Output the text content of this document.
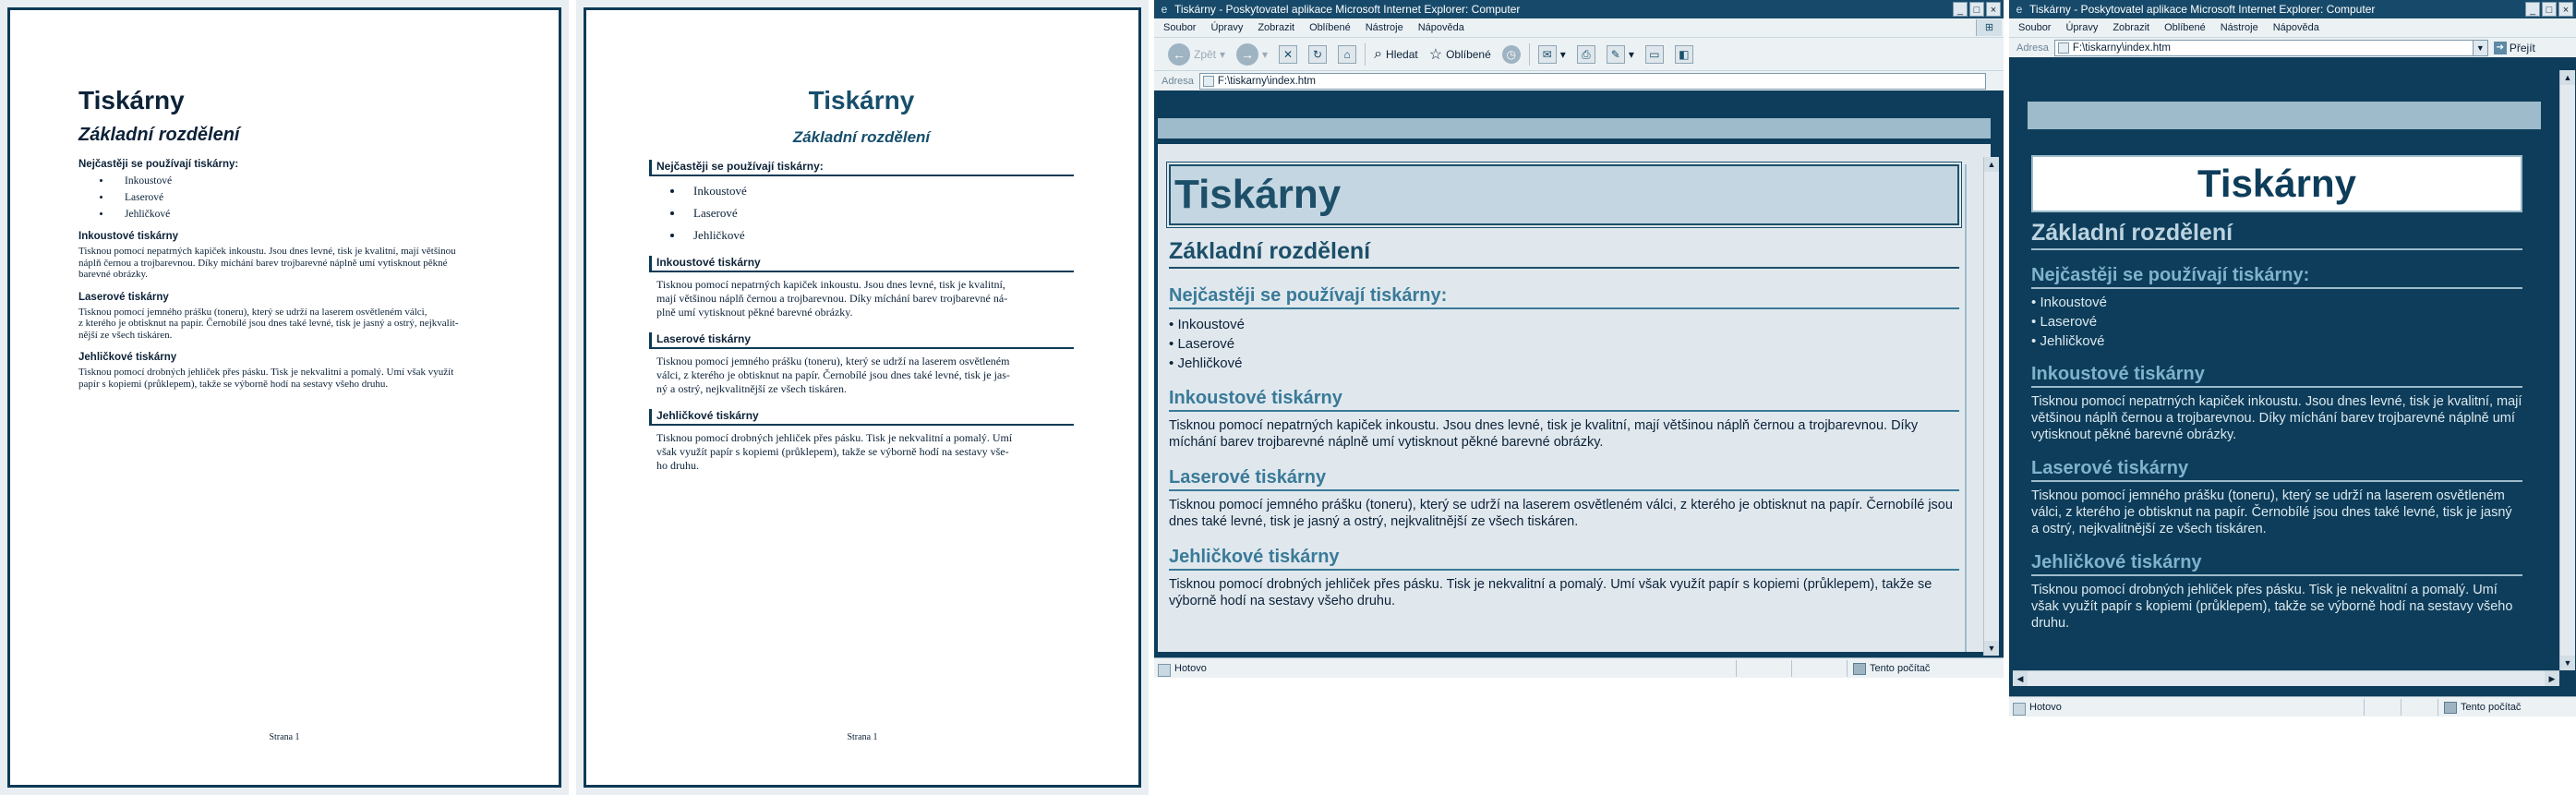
Tiskárny
Základní rozdělení
Nejčastěji se používají tiskárny:
• Inkoustové
• Laserové
• Jehličkové
Inkoustové tiskárny
Tisknou pomocí nepatrných kapiček inkoustu. Jsou dnes levné, tisk je kvalitní, mají většinou
náplň černou a trojbarevnou. Díky míchání barev trojbarevné náplně umí vytisknout pěkné
barevné obrázky.
Laserové tiskárny
Tisknou pomocí jemného prášku (toneru), který se udrží na laserem osvětleném válci,
z kterého je obtisknut na papír. Černobílé jsou dnes také levné, tisk je jasný a ostrý, nejkvalit-
nější ze všech tiskáren.
Jehličkové tiskárny
Tisknou pomocí drobných jehliček přes pásku. Tisk je nekvalitní a pomalý. Umí však využít
papír s kopiemi (průklepem), takže se výborně hodí na sestavy všeho druhu.
Strana 1
Tiskárny
Základní rozdělení
Nejčastěji se používají tiskárny:
• Inkoustové
• Laserové
• Jehličkové
Inkoustové tiskárny
Tisknou pomocí nepatrných kapiček inkoustu. Jsou dnes levné, tisk je kvalitní,
mají většinou náplň černou a trojbarevnou. Díky míchání barev trojbarevné ná-
plně umí vytisknout pěkné barevné obrázky.
Laserové tiskárny
Tisknou pomocí jemného prášku (toneru), který se udrží na laserem osvětleném
válci, z kterého je obtisknut na papír. Černobílé jsou dnes také levné, tisk je jas-
ný a ostrý, nejkvalitnější ze všech tiskáren.
Jehličkové tiskárny
Tisknou pomocí drobných jehliček přes pásku. Tisk je nekvalitní a pomalý. Umí
však využít papír s kopiemi (průklepem), takže se výborně hodí na sestavy vše-
ho druhu.
Strana 1
e Tiskárny - Poskytovatel aplikace Microsoft Internet Explorer: Computer	_	□	×
Soubor Úpravy Zobrazit Oblíbené Nástroje Nápověda	⊞
← Zpět ▾	→ ▾	✕	↻	⌂	⌕ Hledat ☆ Oblíbené	◷	✉ ▾	⎙	✎ ▾	▭	◧
Adresa F:\tiskarny\index.htm
Tiskárny
Základní rozdělení
Nejčastěji se používají tiskárny:
• Inkoustové
• Laserové
• Jehličkové
Inkoustové tiskárny
Tisknou pomocí nepatrných kapiček inkoustu. Jsou dnes levné, tisk je kvalitní, mají většinou náplň černou a trojbarevnou. Díky míchání barev trojbarevné náplně umí vytisknout pěkné barevné obrázky.
Laserové tiskárny
Tisknou pomocí jemného prášku (toneru), který se udrží na laserem osvětleném válci, z kterého je obtisknut na papír. Černobílé jsou dnes také levné, tisk je jasný a ostrý, nejkvalitnější ze všech tiskáren.
Jehličkové tiskárny
Tisknou pomocí drobných jehliček přes pásku. Tisk je nekvalitní a pomalý. Umí však využít papír s kopiemi (průklepem), takže se výborně hodí na sestavy všeho druhu.
▲
▼
Hotovo	Tento počítač
e Tiskárny - Poskytovatel aplikace Microsoft Internet Explorer: Computer	_	□	×
Soubor Úpravy Zobrazit Oblíbené Nástroje Nápověda
Adresa F:\tiskarny\index.htm	▼	➔ Přejít
Tiskárny
Základní rozdělení
Nejčastěji se používají tiskárny:
• Inkoustové
• Laserové
• Jehličkové
Inkoustové tiskárny
Tisknou pomocí nepatrných kapiček inkoustu. Jsou dnes levné, tisk je kvalitní, mají většinou náplň černou a trojbarevnou. Díky míchání barev trojbarevné náplně umí vytisknout pěkné barevné obrázky.
Laserové tiskárny
Tisknou pomocí jemného prášku (toneru), který se udrží na laserem osvětleném válci, z kterého je obtisknut na papír. Černobílé jsou dnes také levné, tisk je jasný a ostrý, nejkvalitnější ze všech tiskáren.
Jehličkové tiskárny
Tisknou pomocí drobných jehliček přes pásku. Tisk je nekvalitní a pomalý. Umí však využít papír s kopiemi (průklepem), takže se výborně hodí na sestavy všeho druhu.
▲
▼
◀	▶
Hotovo	Tento počítač
